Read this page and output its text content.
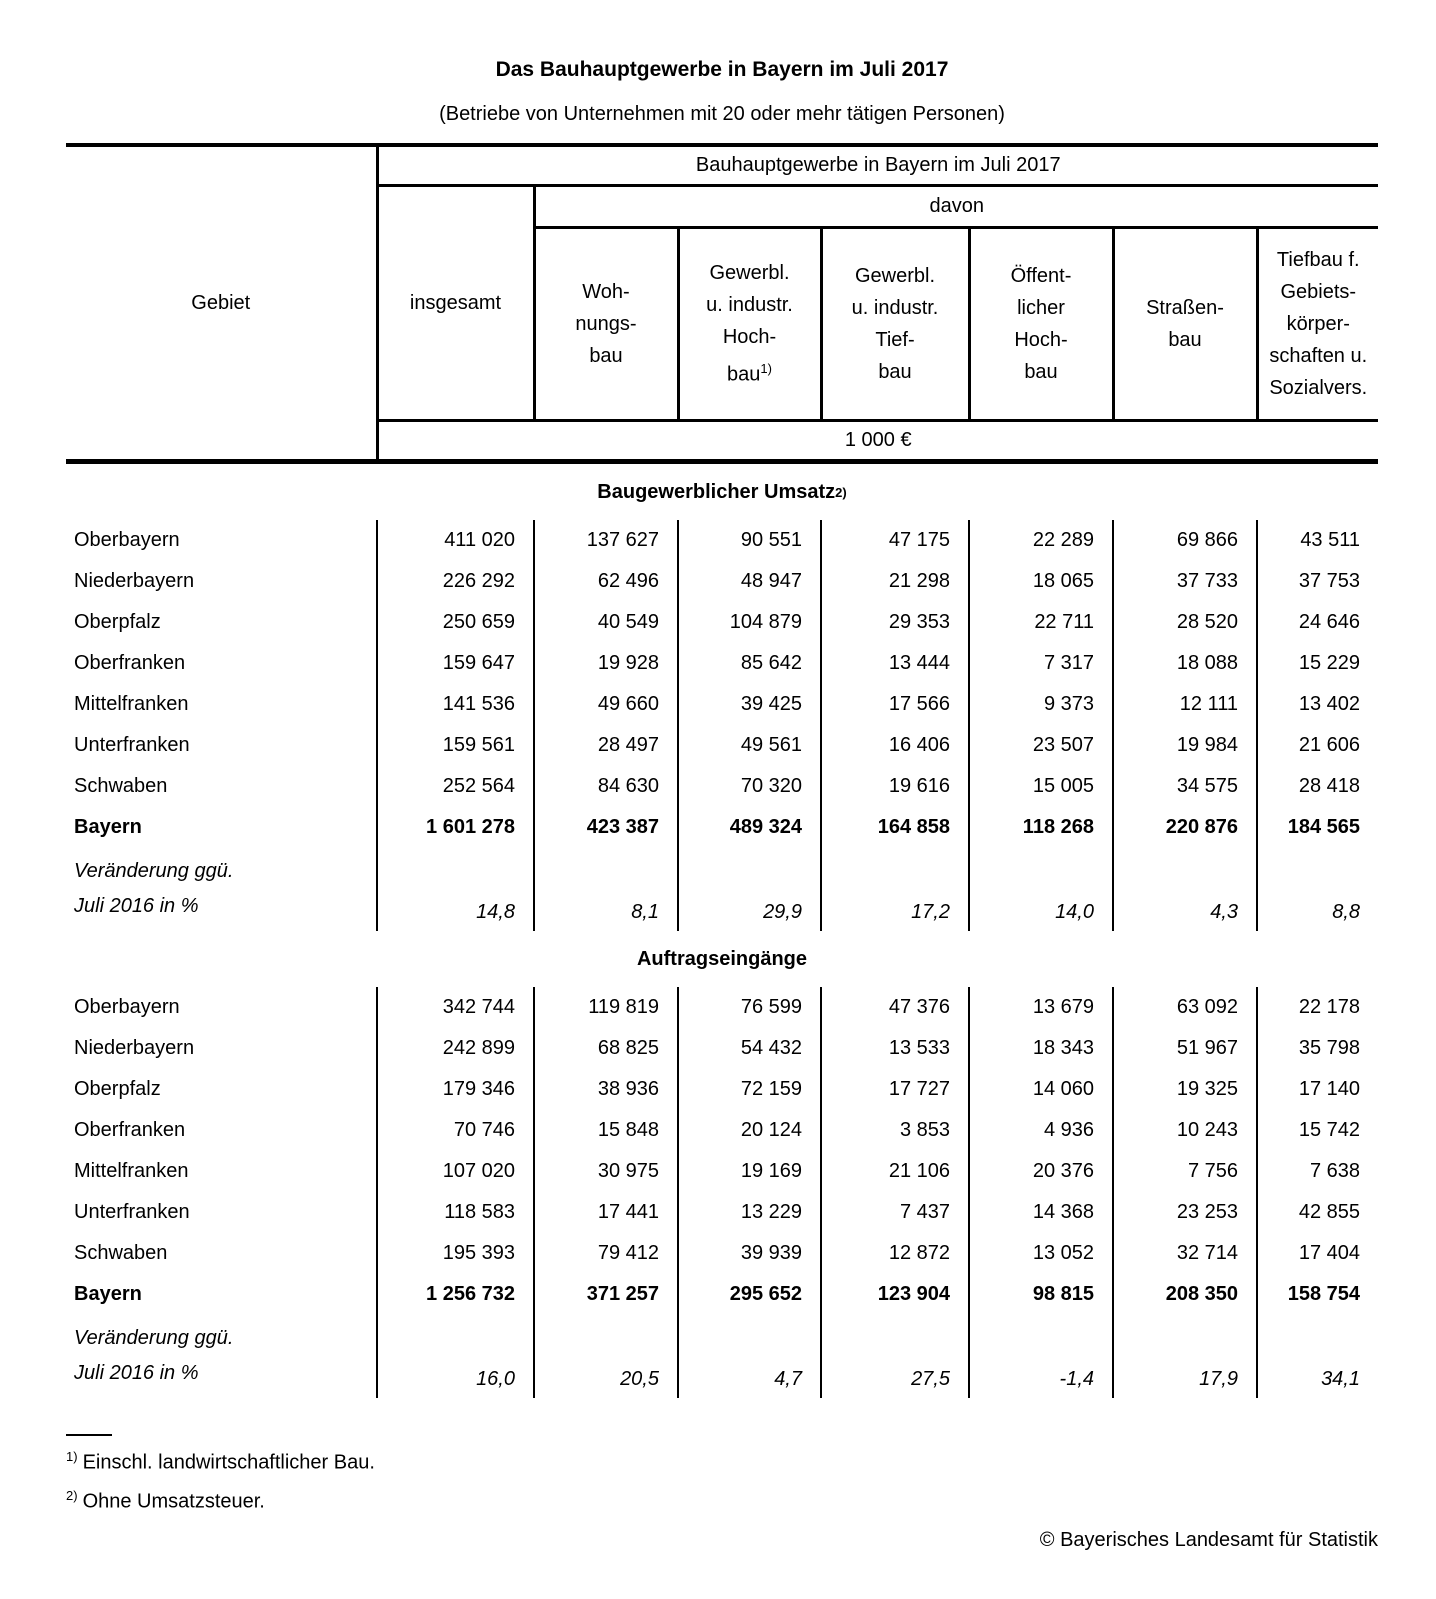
Das Bauhauptgewerbe in Bayern im Juli 2017
(Betriebe von Unternehmen mit 20 oder mehr tätigen Personen)
Gebiet	Bauhauptgewerbe in Bayern im Juli 2017						
	insgesamt	davon					

		Woh-
nungs-
bau	Gewerbl.
u. industr.
Hoch-
bau$^{1)}$	Gewerbl.
u. industr.
Tief-
bau	Öffent-
licher
Hoch-
bau	Straßen-
bau	Tiefbau f.
Gebiets-
körper-
schaften u.
Sozialvers.

	1 000 €						
Baugewerblicher Umsatz 2)
Oberbayern	411 020	137 627	90 551	47 175	22 289	69 866	43 511
Niederbayern	226 292	62 496	48 947	21 298	18 065	37 733	37 753
Oberpfalz	250 659	40 549	104 879	29 353	22 711	28 520	24 646
Oberfranken	159 647	19 928	85 642	13 444	7 317	18 088	15 229
Mittelfranken	141 536	49 660	39 425	17 566	9 373	12 111	13 402
Unterfranken	159 561	28 497	49 561	16 406	23 507	19 984	21 606
Schwaben	252 564	84 630	70 320	19 616	15 005	34 575	28 418
Bayern	1 601 278	423 387	489 324	164 858	118 268	220 876	184 565

Veränderung ggü.
Juli 2016 in %	14,8	8,1	29,9	17,2	14,0	4,3	8,8
Auftragseingänge
Oberbayern	342 744	119 819	76 599	47 376	13 679	63 092	22 178
Niederbayern	242 899	68 825	54 432	13 533	18 343	51 967	35 798
Oberpfalz	179 346	38 936	72 159	17 727	14 060	19 325	17 140
Oberfranken	70 746	15 848	20 124	3 853	4 936	10 243	15 742
Mittelfranken	107 020	30 975	19 169	21 106	20 376	7 756	7 638
Unterfranken	118 583	17 441	13 229	7 437	14 368	23 253	42 855
Schwaben	195 393	79 412	39 939	12 872	13 052	32 714	17 404
Bayern	1 256 732	371 257	295 652	123 904	98 815	208 350	158 754

Veränderung ggü.
Juli 2016 in %	16,0	20,5	4,7	27,5	-1,4	17,9	34,1
$^{1)}$ Einschl. landwirtschaftlicher Bau.
$^{2)}$ Ohne Umsatzsteuer.
© Bayerisches Landesamt für Statistik
